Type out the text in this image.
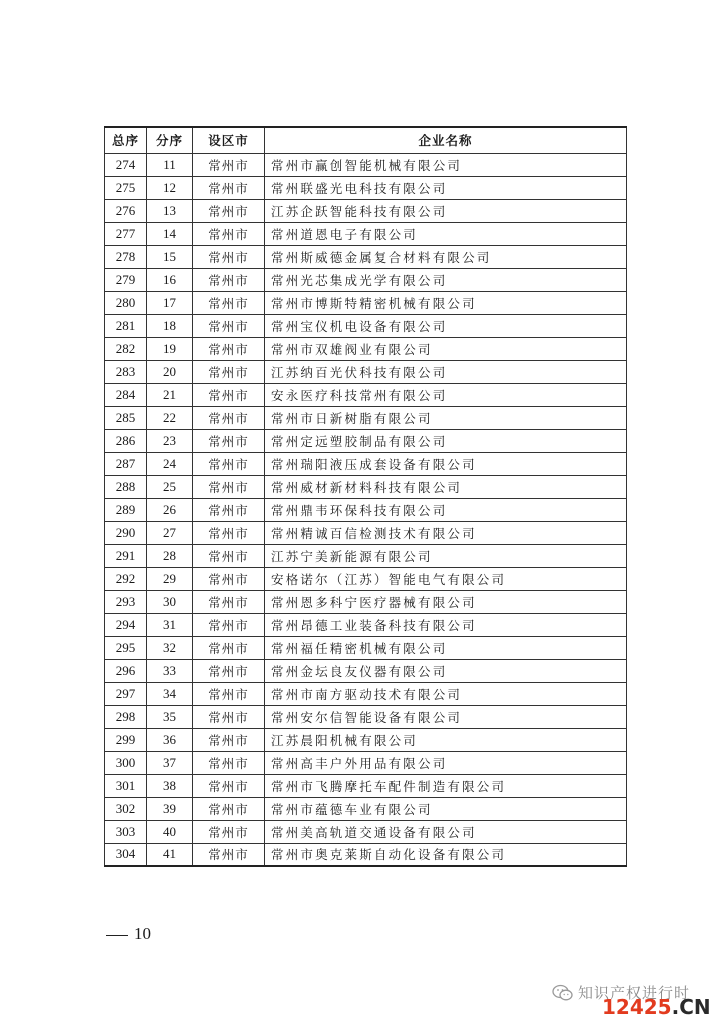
总序	分序	设区市	企业名称
274	11	常州市	常州市赢创智能机械有限公司
275	12	常州市	常州联盛光电科技有限公司
276	13	常州市	江苏企跃智能科技有限公司
277	14	常州市	常州道恩电子有限公司
278	15	常州市	常州斯威德金属复合材料有限公司
279	16	常州市	常州光芯集成光学有限公司
280	17	常州市	常州市博斯特精密机械有限公司
281	18	常州市	常州宝仪机电设备有限公司
282	19	常州市	常州市双雄阀业有限公司
283	20	常州市	江苏纳百光伏科技有限公司
284	21	常州市	安永医疗科技常州有限公司
285	22	常州市	常州市日新树脂有限公司
286	23	常州市	常州定远塑胶制品有限公司
287	24	常州市	常州瑞阳液压成套设备有限公司
288	25	常州市	常州威材新材料科技有限公司
289	26	常州市	常州鼎韦环保科技有限公司
290	27	常州市	常州精诚百信检测技术有限公司
291	28	常州市	江苏宁美新能源有限公司
292	29	常州市	安格诺尔（江苏）智能电气有限公司
293	30	常州市	常州恩多科宁医疗器械有限公司
294	31	常州市	常州昂德工业装备科技有限公司
295	32	常州市	常州福任精密机械有限公司
296	33	常州市	常州金坛良友仪器有限公司
297	34	常州市	常州市南方驱动技术有限公司
298	35	常州市	常州安尔信智能设备有限公司
299	36	常州市	江苏晨阳机械有限公司
300	37	常州市	常州高丰户外用品有限公司
301	38	常州市	常州市飞腾摩托车配件制造有限公司
302	39	常州市	常州市蕴德车业有限公司
303	40	常州市	常州美高轨道交通设备有限公司
304	41	常州市	常州市奥克莱斯自动化设备有限公司
10
知识产权进行时
12425.CN
